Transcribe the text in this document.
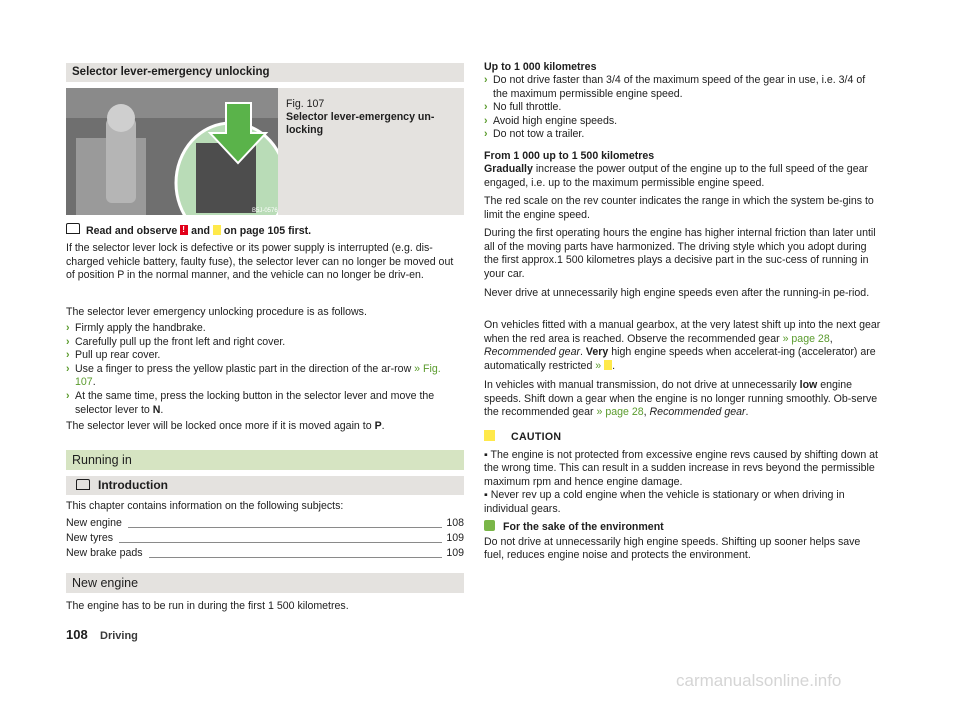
Selector lever-emergency unlocking
B5J-0576
Fig. 107
Selector lever-emergency un-locking
Read and observe ! and on page 105 first.

If the selector lever lock is defective or its power supply is interrupted (e.g. dis-charged vehicle battery, faulty fuse), the selector lever can no longer be moved out of position P in the normal manner, and the vehicle can no longer be driv-en.

The selector lever emergency unlocking procedure is as follows.

› Firmly apply the handbrake.
› Carefully pull up the front left and right cover.
› Pull up rear cover.
› Use a finger to press the yellow plastic part in the direction of the ar-row » Fig. 107.
› At the same time, press the locking button in the selector lever and move the selector lever to N.

The selector lever will be locked once more if it is moved again to P.

Running in
Introduction

This chapter contains information on the following subjects:

New engine	108
New tyres	109
New brake pads	109
New engine

The engine has to be run in during the first 1 500 kilometres.

Up to 1 000 kilometres

› Do not drive faster than 3/4 of the maximum speed of the gear in use, i.e. 3/4 of the maximum permissible engine speed.
› No full throttle.
› Avoid high engine speeds.
› Do not tow a trailer.

From 1 000 up to 1 500 kilometres

Gradually increase the power output of the engine up to the full speed of the gear engaged, i.e. up to the maximum permissible engine speed.

The red scale on the rev counter indicates the range in which the system be-gins to limit the engine speed.

During the first operating hours the engine has higher internal friction than later until all of the moving parts have harmonized. The driving style which you adopt during the first approx.1 500 kilometres plays a decisive part in the suc-cess of running in your car.

Never drive at unnecessarily high engine speeds even after the running-in pe-riod.

On vehicles fitted with a manual gearbox, at the very latest shift up into the next gear when the red area is reached. Observe the recommended gear » page 28, Recommended gear. Very high engine speeds when accelerat-ing (accelerator) are automatically restricted » .

In vehicles with manual transmission, do not drive at unnecessarily low engine speeds. Shift down a gear when the engine is no longer running smoothly. Ob-serve the recommended gear » page 28, Recommended gear.

CAUTION

▪ The engine is not protected from excessive engine revs caused by shifting down at the wrong time. This can result in a sudden increase in revs beyond the permissible maximum rpm and hence engine damage.

▪ Never rev up a cold engine when the vehicle is stationary or when driving in individual gears.

For the sake of the environment

Do not drive at unnecessarily high engine speeds. Shifting up sooner helps save fuel, reduces engine noise and protects the environment.

108 Driving
carmanualsonline.info
